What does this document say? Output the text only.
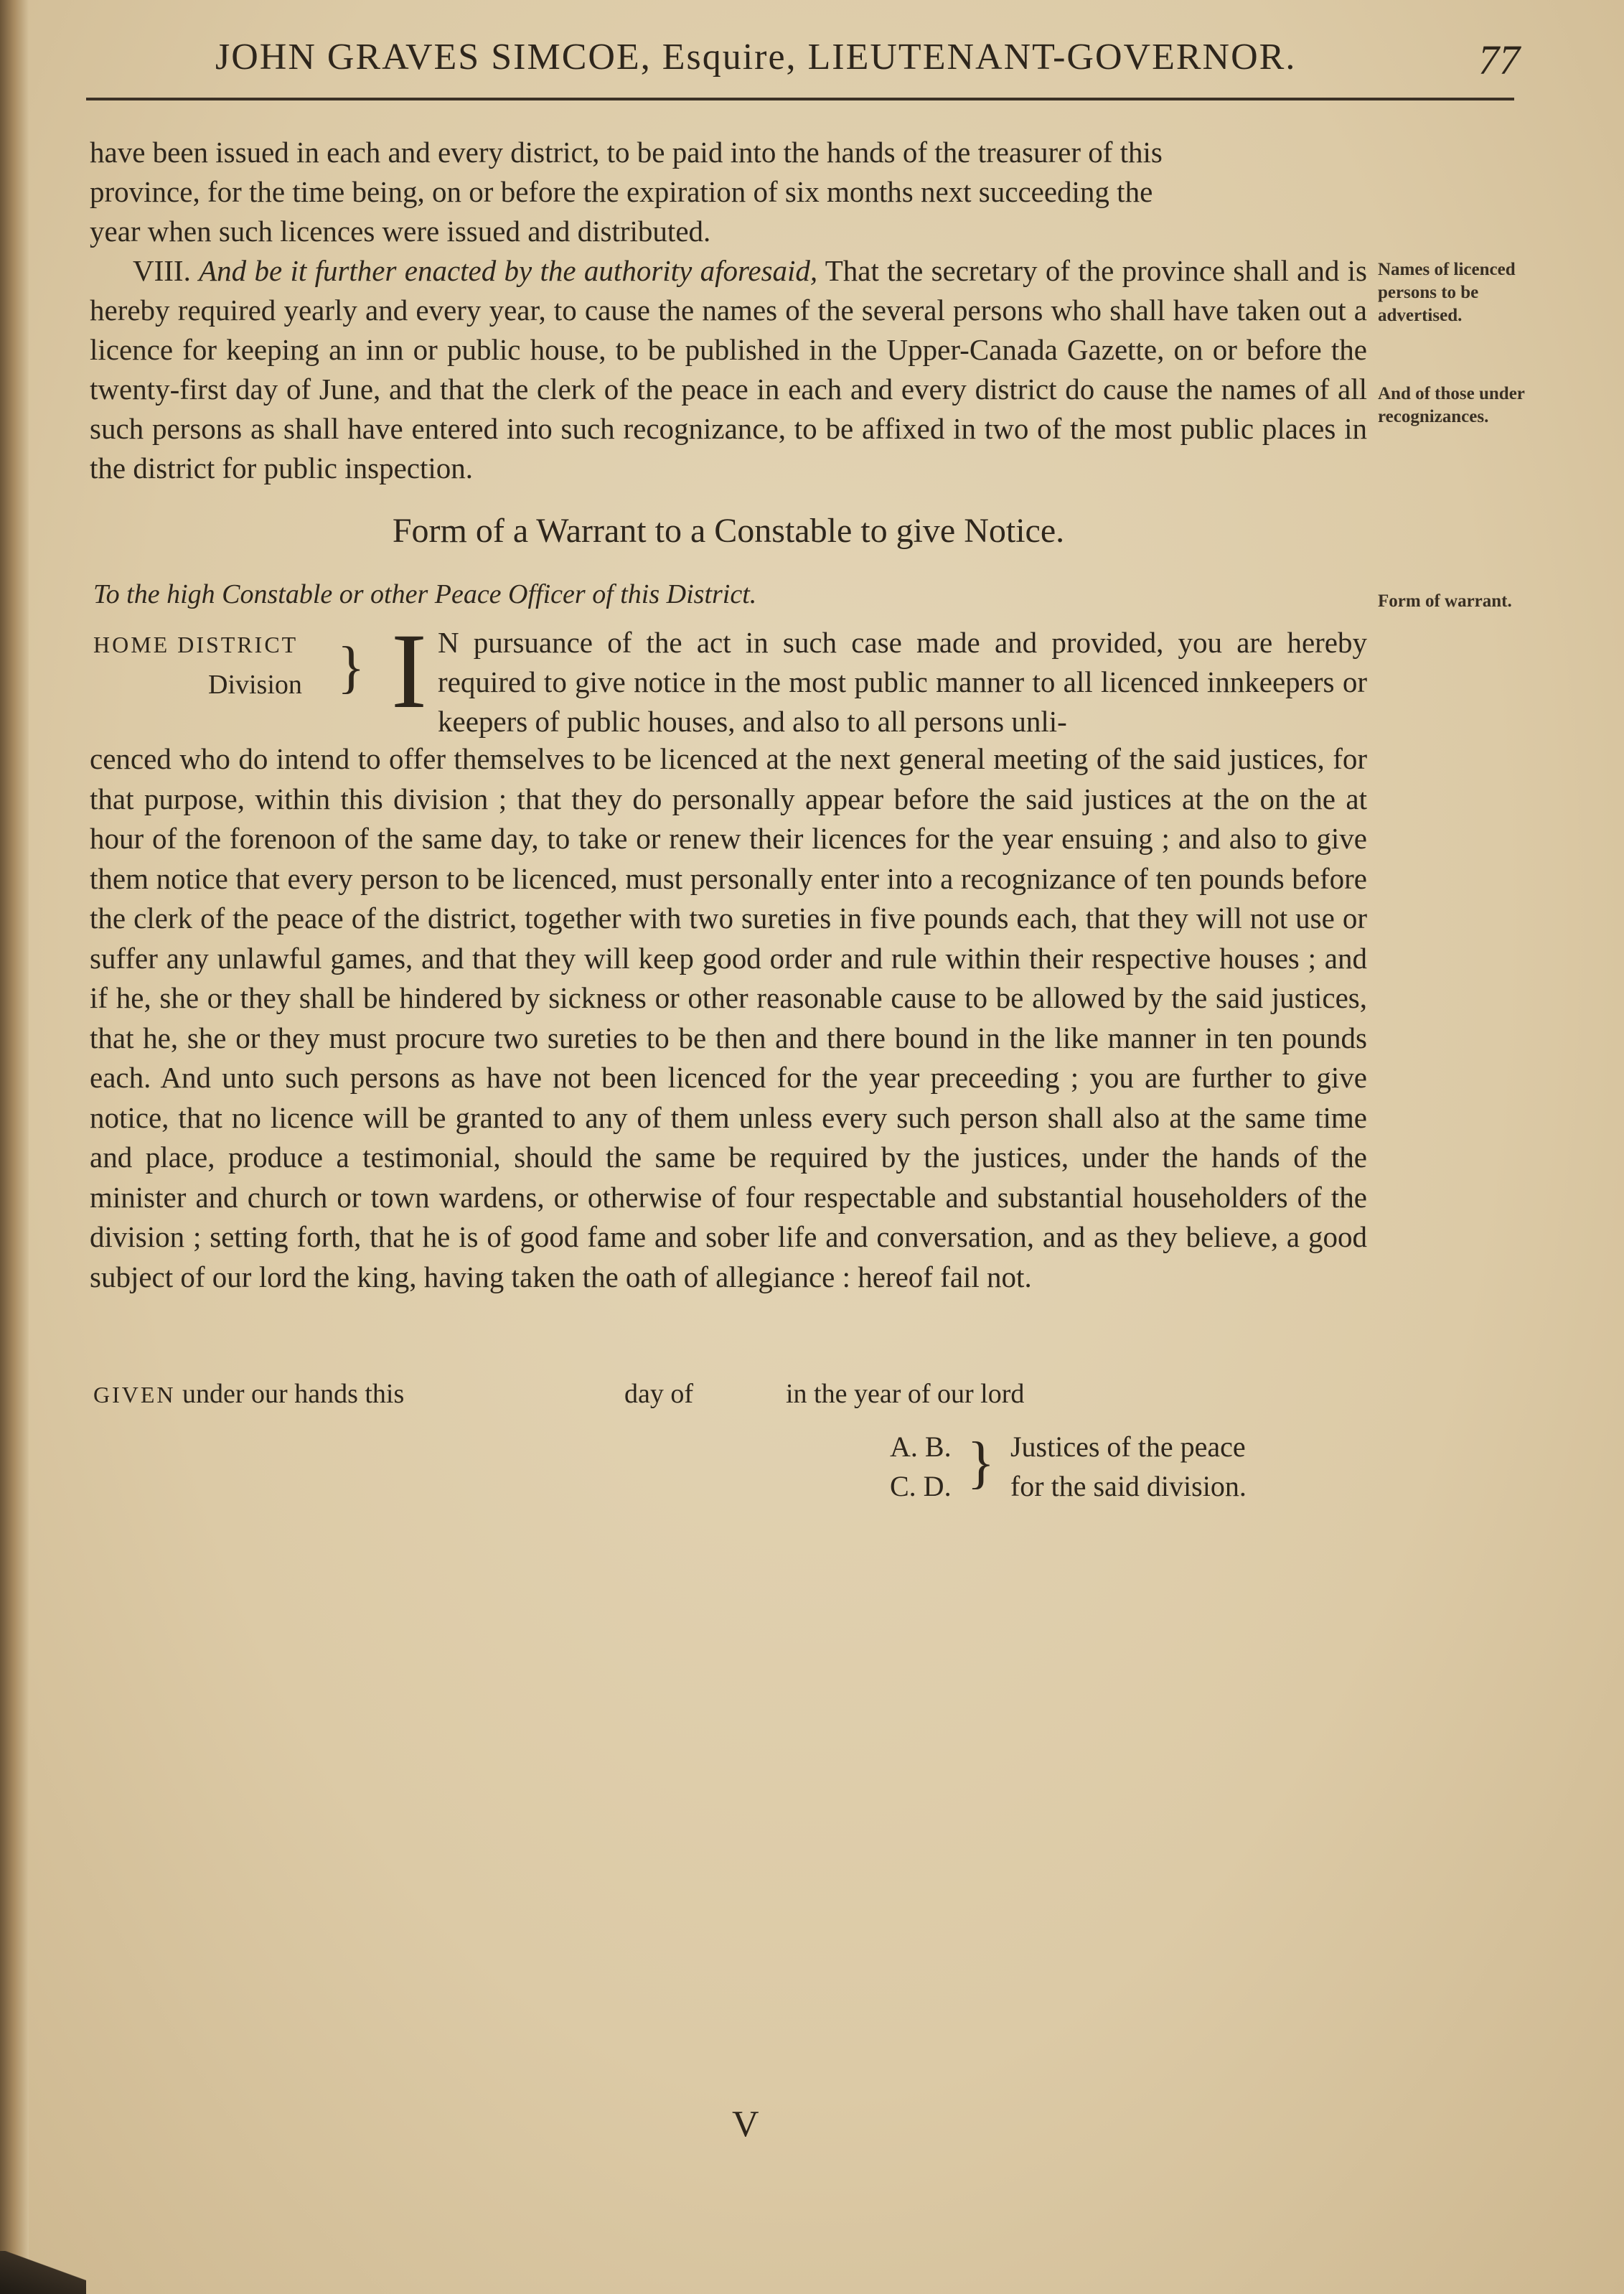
JOHN GRAVES SIMCOE, Esquire, LIEUTENANT-GOVERNOR.	77

have been issued in each and every district, to be paid into the hands of the treasurer of this

province, for the time being, on or before the expiration of six months next succeeding the

year when such licences were issued and distributed.

VIII. And be it further enacted by the authority aforesaid, That the secretary of the province shall and is hereby required yearly and every year, to cause the names of the several persons who shall have taken out a licence for keeping an inn or public house, to be published in the Upper-Canada Gazette, on or before the twenty-first day of June, and that the clerk of the peace in each and every district do cause the names of all such persons as shall have entered into such recognizance, to be affixed in two of the most public places in the district for public inspection.

Form of a Warrant to a Constable to give Notice.
To the high Constable or other Peace Officer of this District.
HOME DISTRICT
Division } I N pursuance of the act in such case made and provided, you are hereby required to give notice in the most public manner to all licenced innkeepers or keepers of public houses, and also to all persons unli-
cenced who do intend to offer themselves to be licenced at the next general meeting of the said justices, for that purpose, within this division ; that they do personally appear before the said justices at the on the at hour of the forenoon of the same day, to take or renew their licences for the year ensuing ; and also to give them notice that every person to be licenced, must personally enter into a recognizance of ten pounds before the clerk of the peace of the district, together with two sureties in five pounds each, that they will not use or suffer any unlawful games, and that they will keep good order and rule within their respective houses ; and if he, she or they shall be hindered by sickness or other reasonable cause to be allowed by the said justices, that he, she or they must procure two sureties to be then and there bound in the like manner in ten pounds each. And unto such persons as have not been licenced for the year preceeding ; you are further to give notice, that no licence will be granted to any of them unless every such person shall also at the same time and place, produce a testimonial, should the same be required by the justices, under the hands of the minister and church or town wardens, or otherwise of four respectable and substantial householders of the division ; setting forth, that he is of good fame and sober life and conversation, and as they believe, a good subject of our lord the king, having taken the oath of allegiance : hereof fail not.
GIVEN under our hands this	day of	in the year of our lord
A. B.
C. D. } Justices of the peace
for the said division.
Names of licenced persons to be advertised.
And of those under recognizances.
Form of warrant.
V
